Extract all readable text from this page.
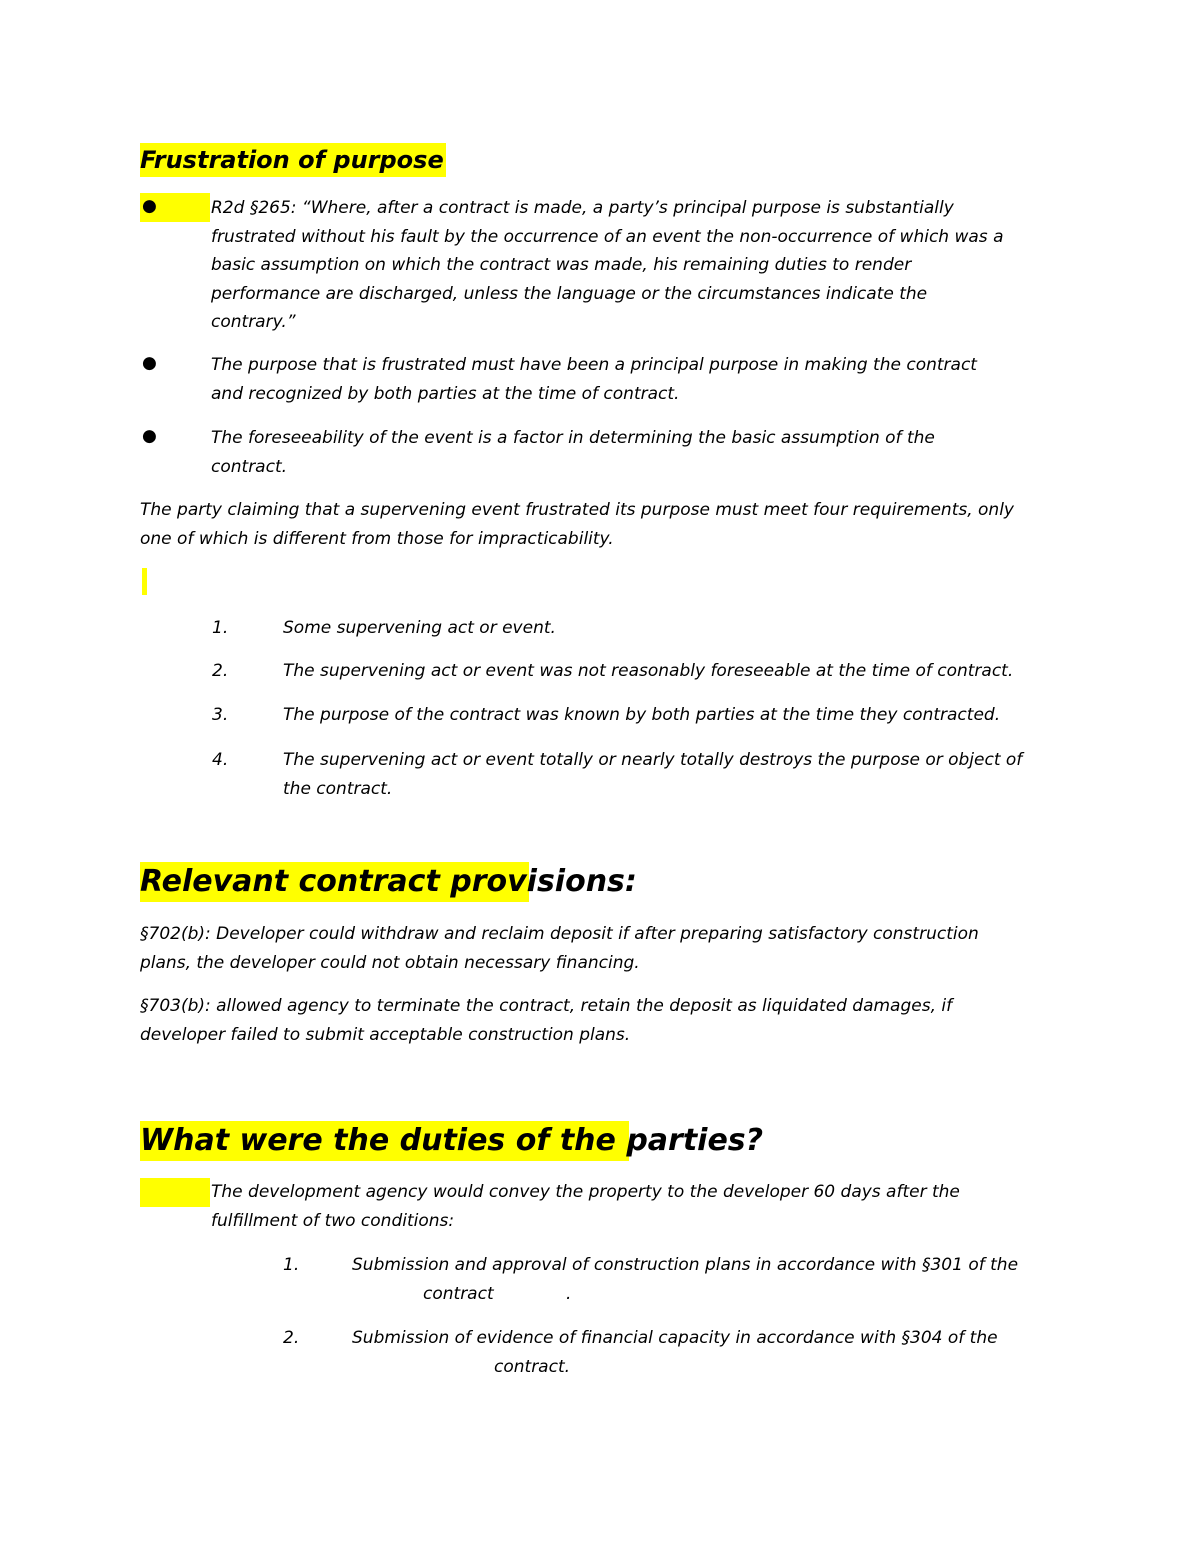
Frustration of purpose
●	R2d §265: “Where, after a contract is made, a party’s principal purpose is substantially
frustrated without his fault by the occurrence of an event the non-occurrence of which was a
basic assumption on which the contract was made, his remaining duties to render
performance are discharged, unless the language or the circumstances indicate the
contrary.”
●	The purpose that is frustrated must have been a principal purpose in making the contract
and recognized by both parties at the time of contract.
●	The foreseeability of the event is a factor in determining the basic assumption of the
contract.
The party claiming that a supervening event frustrated its purpose must meet four requirements, only
one of which is different from those for impracticability.
1.	Some supervening act or event.
2.	The supervening act or event was not reasonably foreseeable at the time of contract.
3.	The purpose of the contract was known by both parties at the time they contracted.
4.	The supervening act or event totally or nearly totally destroys the purpose or object of
the contract.
Relevant contract provisions:
§702(b): Developer could withdraw and reclaim deposit if after preparing satisfactory construction
plans, the developer could not obtain necessary financing.
§703(b): allowed agency to terminate the contract, retain the deposit as liquidated damages, if
developer failed to submit acceptable construction plans.
What were the duties of the parties?
The development agency would convey the property to the developer 60 days after the
fulfillment of two conditions:
1.	Submission and approval of construction plans in accordance with §301 of the
contract	.
2.	Submission of evidence of financial capacity in accordance with §304 of the
contract.
